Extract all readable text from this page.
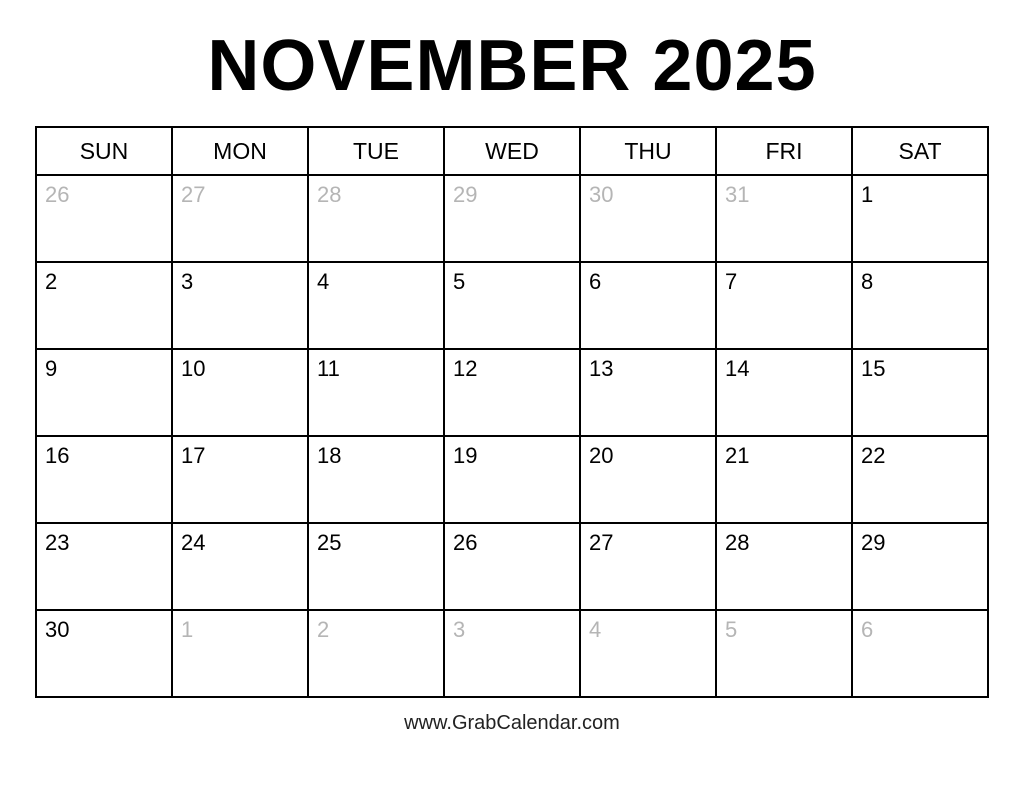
NOVEMBER 2025
SUN	MON	TUE	WED	THU	FRI	SAT

26	27	28	29	30	31	1

2	3	4	5	6	7	8

9	10	11	12	13	14	15

16	17	18	19	20	21	22

23	24	25	26	27	28	29

30	1	2	3	4	5	6
www.GrabCalendar.com
